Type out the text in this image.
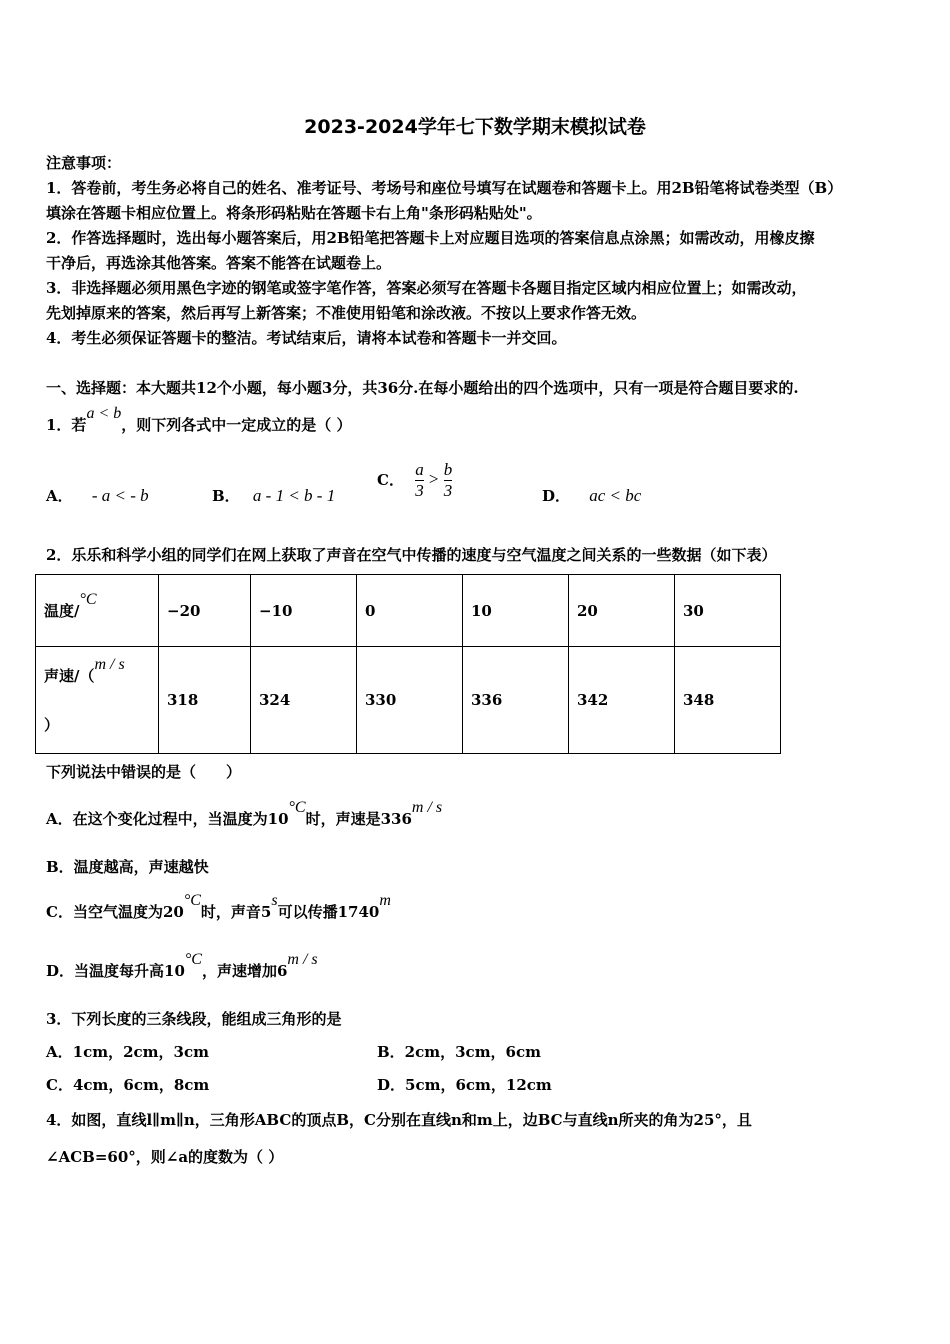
2023-2024学年七下数学期末模拟试卷
注意事项：
1．答卷前，考生务必将自己的姓名、准考证号、考场号和座位号填写在试题卷和答题卡上。用2B铅笔将试卷类型（B）
填涂在答题卡相应位置上。将条形码粘贴在答题卡右上角"条形码粘贴处"。
2．作答选择题时，选出每小题答案后，用2B铅笔把答题卡上对应题目选项的答案信息点涂黑；如需改动，用橡皮擦
干净后，再选涂其他答案。答案不能答在试题卷上。
3．非选择题必须用黑色字迹的钢笔或签字笔作答，答案必须写在答题卡各题目指定区域内相应位置上；如需改动，
先划掉原来的答案，然后再写上新答案；不准使用铅笔和涂改液。不按以上要求作答无效。
4．考生必须保证答题卡的整洁。考试结束后，请将本试卷和答题卡一并交回。
一、选择题：本大题共12个小题，每小题3分，共36分.在每小题给出的四个选项中，只有一项是符合题目要求的.
1．若a < b，则下列各式中一定成立的是（ ）
A． - a < - b	B． a - 1 < b - 1
C． $\frac{a}{3} > \frac{b}{3}$	D． ac < bc
2．乐乐和科学小组的同学们在网上获取了声音在空气中传播的速度与空气温度之间关系的一些数据（如下表）
温度/°C	−20	−10	0	10	20	30

声速/（m / s
）	318	324	330	336	342	348
下列说法中错误的是（　　）
A．在这个变化过程中，当温度为10°C时，声速是336m / s
B．温度越高，声速越快
C．当空气温度为20°C时，声音5s可以传播1740m
D．当温度每升高10°C，声速增加6m / s
3．下列长度的三条线段，能组成三角形的是
A．1cm，2cm，3cm	B．2cm，3cm，6cm
C．4cm，6cm，8cm	D．5cm，6cm，12cm
4．如图，直线l∥m∥n，三角形ABC的顶点B，C分别在直线n和m上，边BC与直线n所夹的角为25°，且
∠ACB=60°，则∠a的度数为（ ）
